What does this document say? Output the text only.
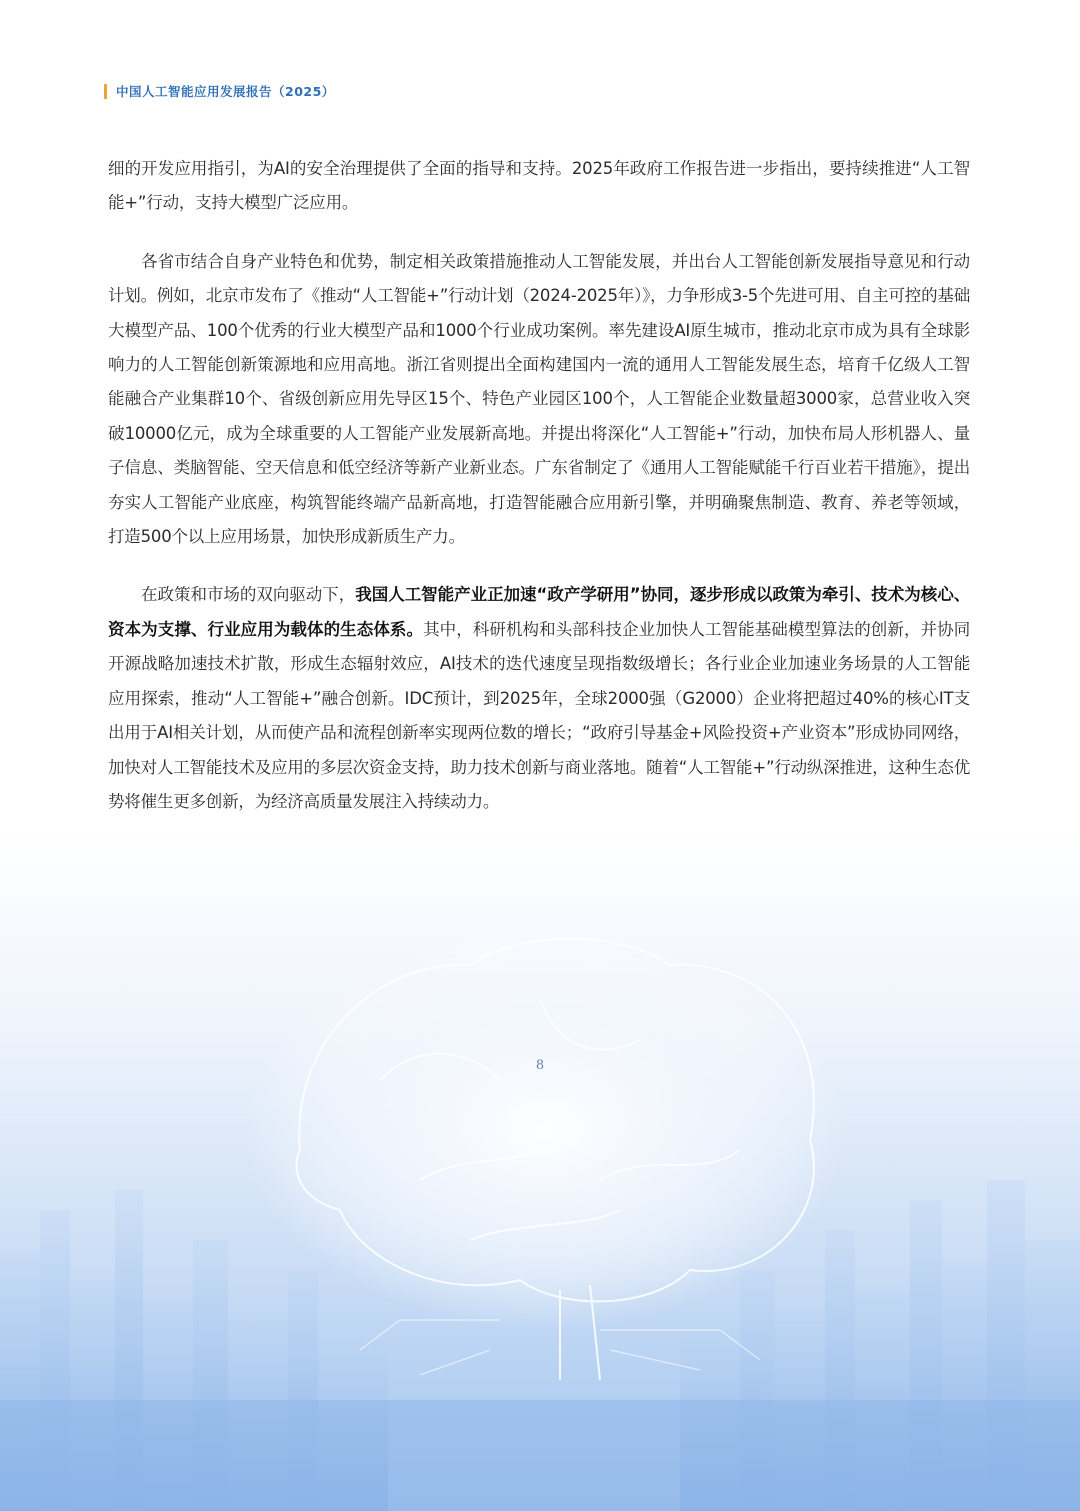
中国人工智能应用发展报告（2025）

细的开发应用指引，为AI的安全治理提供了全面的指导和支持。2025年政府工作报告进一步指出，要持续推进“人工智能+”行动，支持大模型广泛应用。

各省市结合自身产业特色和优势，制定相关政策措施推动人工智能发展，并出台人工智能创新发展指导意见和行动计划。例如，北京市发布了《推动“人工智能+”行动计划（2024-2025年）》，力争形成3-5个先进可用、自主可控的基础大模型产品、100个优秀的行业大模型产品和1000个行业成功案例。率先建设AI原生城市，推动北京市成为具有全球影响力的人工智能创新策源地和应用高地。浙江省则提出全面构建国内一流的通用人工智能发展生态，培育千亿级人工智能融合产业集群10个、省级创新应用先导区15个、特色产业园区100个，人工智能企业数量超3000家，总营业收入突破10000亿元，成为全球重要的人工智能产业发展新高地。并提出将深化“人工智能+”行动，加快布局人形机器人、量子信息、类脑智能、空天信息和低空经济等新产业新业态。广东省制定了《通用人工智能赋能千行百业若干措施》，提出夯实人工智能产业底座，构筑智能终端产品新高地，打造智能融合应用新引擎，并明确聚焦制造、教育、养老等领域，打造500个以上应用场景，加快形成新质生产力。

在政策和市场的双向驱动下，我国人工智能产业正加速“政产学研用”协同，逐步形成以政策为牵引、技术为核心、资本为支撑、行业应用为载体的生态体系。其中，科研机构和头部科技企业加快人工智能基础模型算法的创新，并协同开源战略加速技术扩散，形成生态辐射效应，AI技术的迭代速度呈现指数级增长；各行业企业加速业务场景的人工智能应用探索，推动“人工智能+”融合创新。IDC预计，到2025年，全球2000强（G2000）企业将把超过40%的核心IT支出用于AI相关计划，从而使产品和流程创新率实现两位数的增长；“政府引导基金+风险投资+产业资本”形成协同网络，加快对人工智能技术及应用的多层次资金支持，助力技术创新与商业落地。随着“人工智能+”行动纵深推进，这种生态优势将催生更多创新，为经济高质量发展注入持续动力。

8
